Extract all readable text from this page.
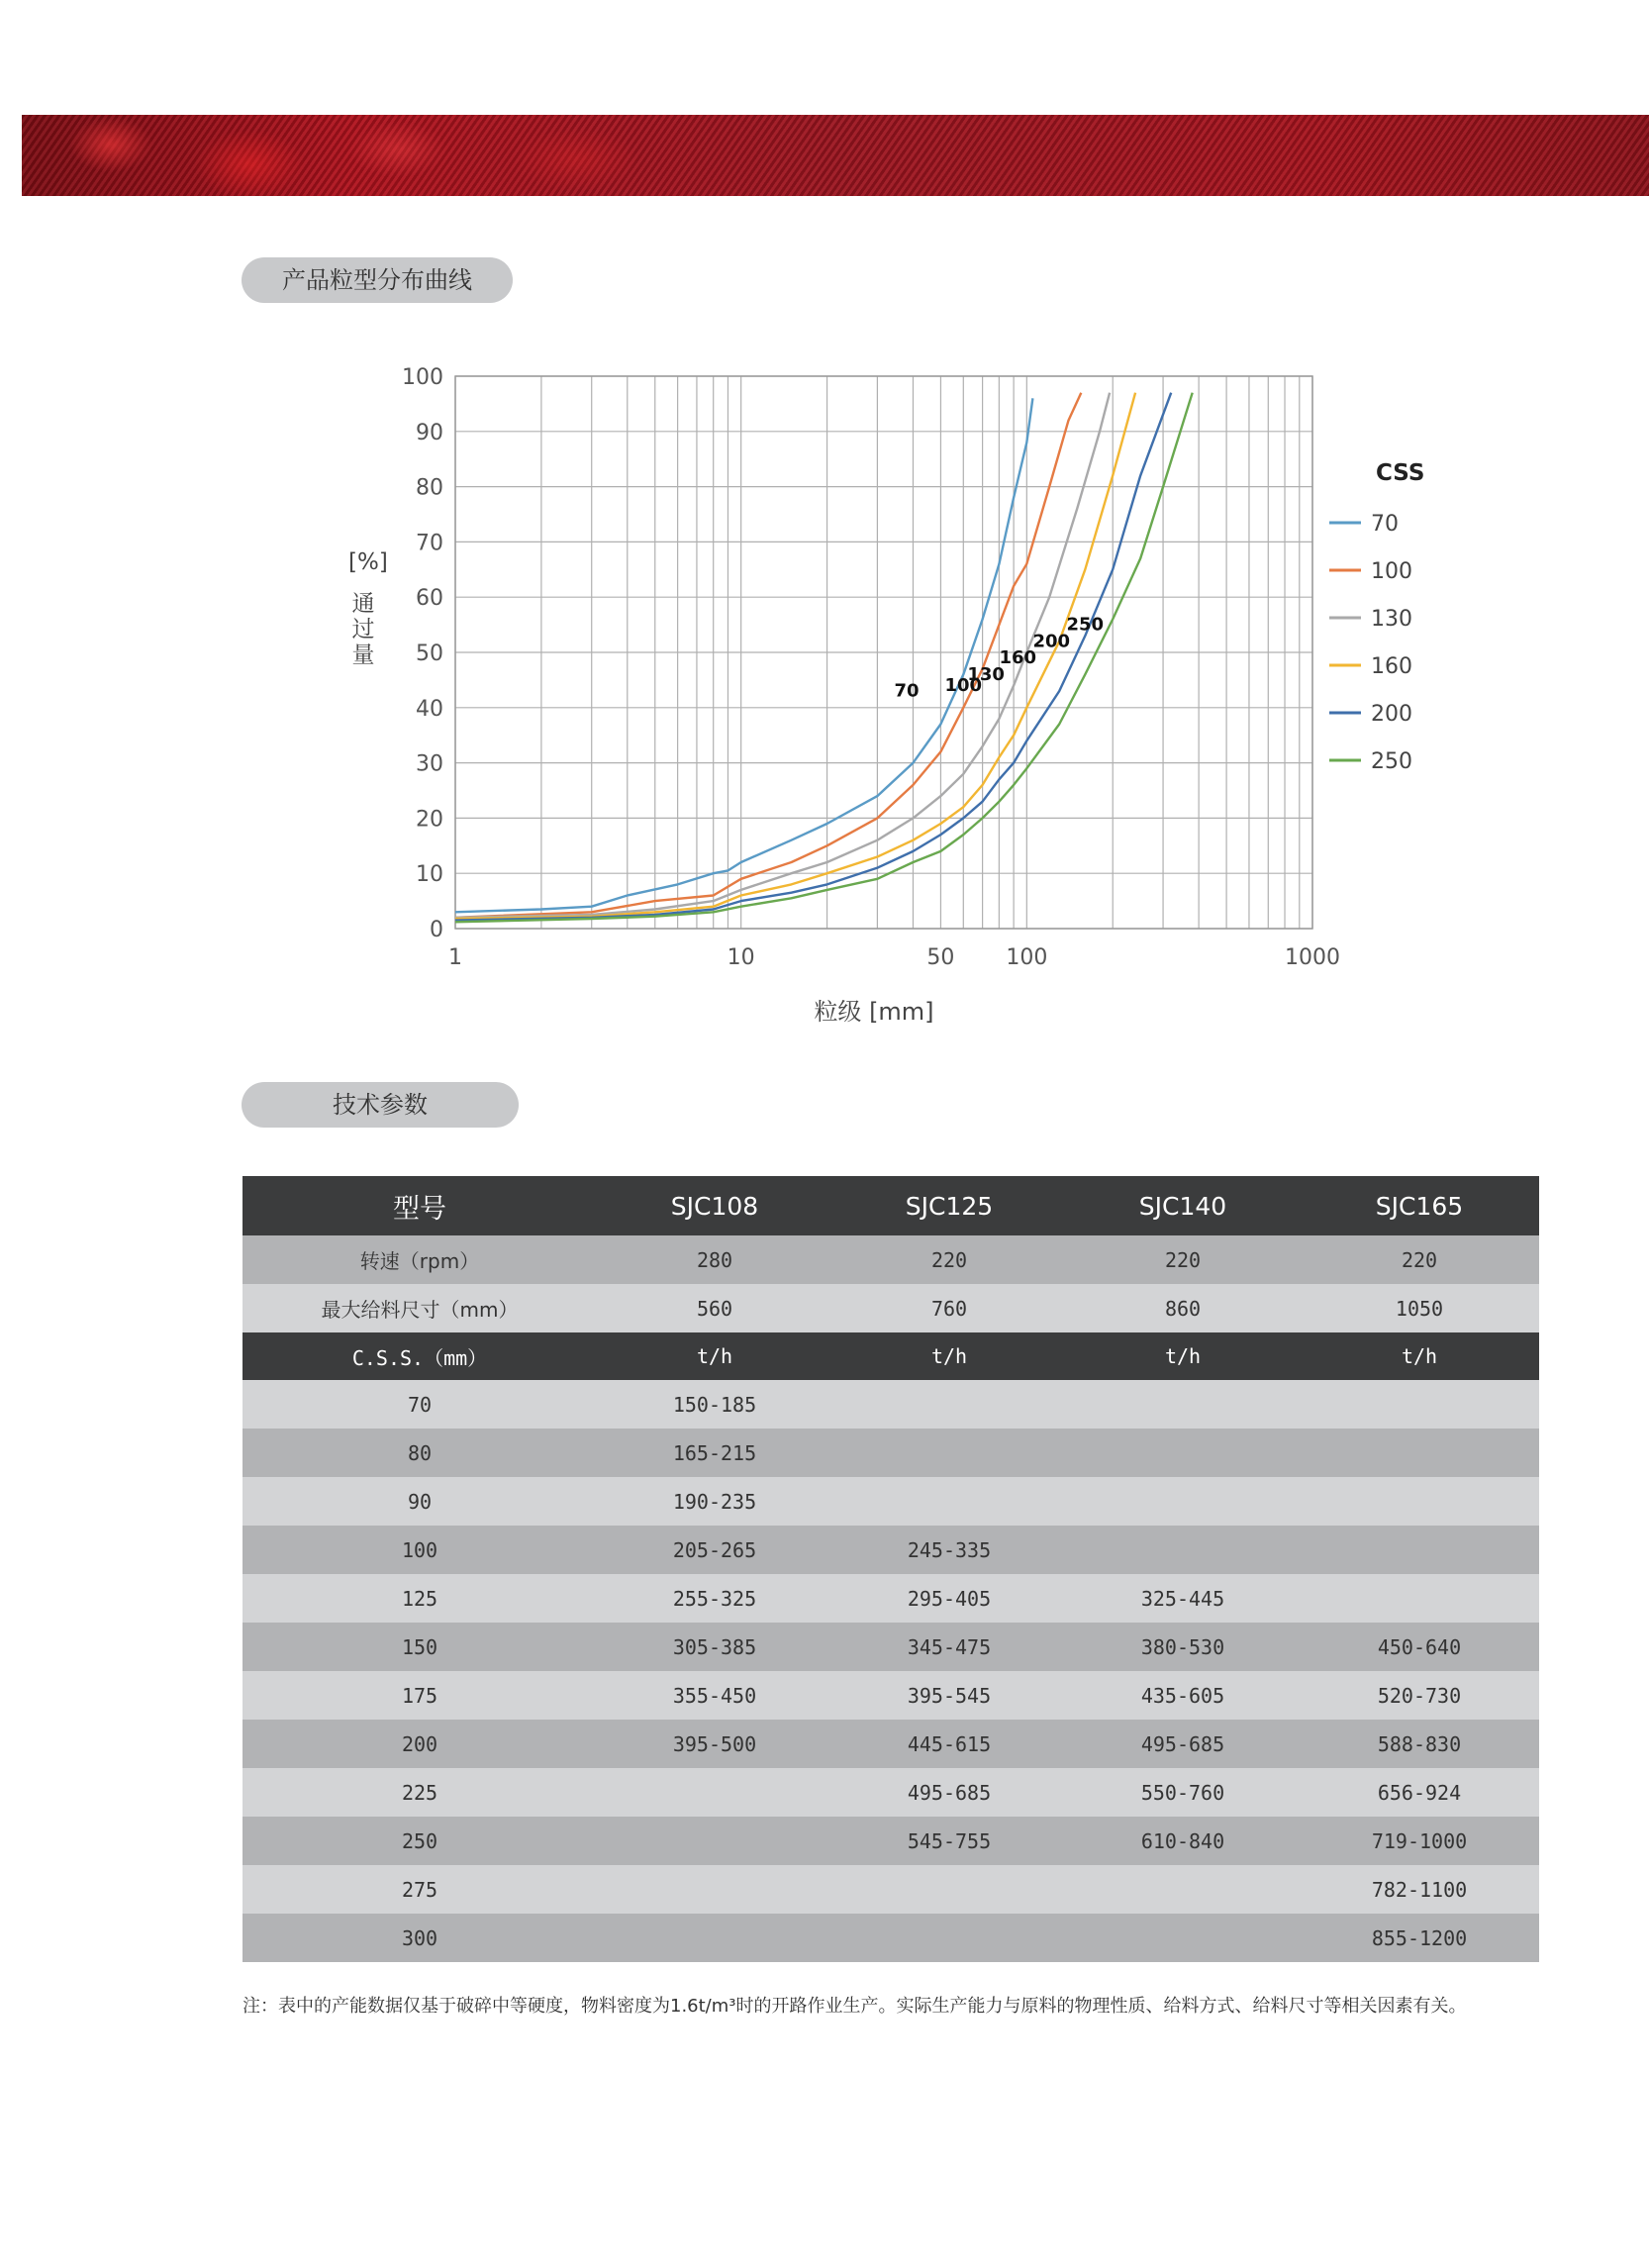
产品粒型分布曲线
0
10
20
30
40
50
60
70
80
90
100
1	10	50 100	1000
粒级 [mm]
70 100
130
160
200
250
CSS
70
100
130
160
200
250
[%]
通
过
量
技术参数
型号	SJC108	SJC125	SJC140	SJC165
转速（rpm）	280	220	220	220
最大给料尺寸（mm）	560	760	860	1050
C.S.S.（mm）	t/h	t/h	t/h	t/h
70	150-185			
80	165-215			
90	190-235			
100	205-265	245-335		
125	255-325	295-405	325-445	
150	305-385	345-475	380-530	450-640
175	355-450	395-545	435-605	520-730
200	395-500	445-615	495-685	588-830
225		495-685	550-760	656-924
250		545-755	610-840	719-1000
275				782-1100
300				855-1200
注：表中的产能数据仅基于破碎中等硬度，物料密度为1.6t/m³时的开路作业生产。实际生产能力与原料的物理性质、给料方式、给料尺寸等相关因素有关。
